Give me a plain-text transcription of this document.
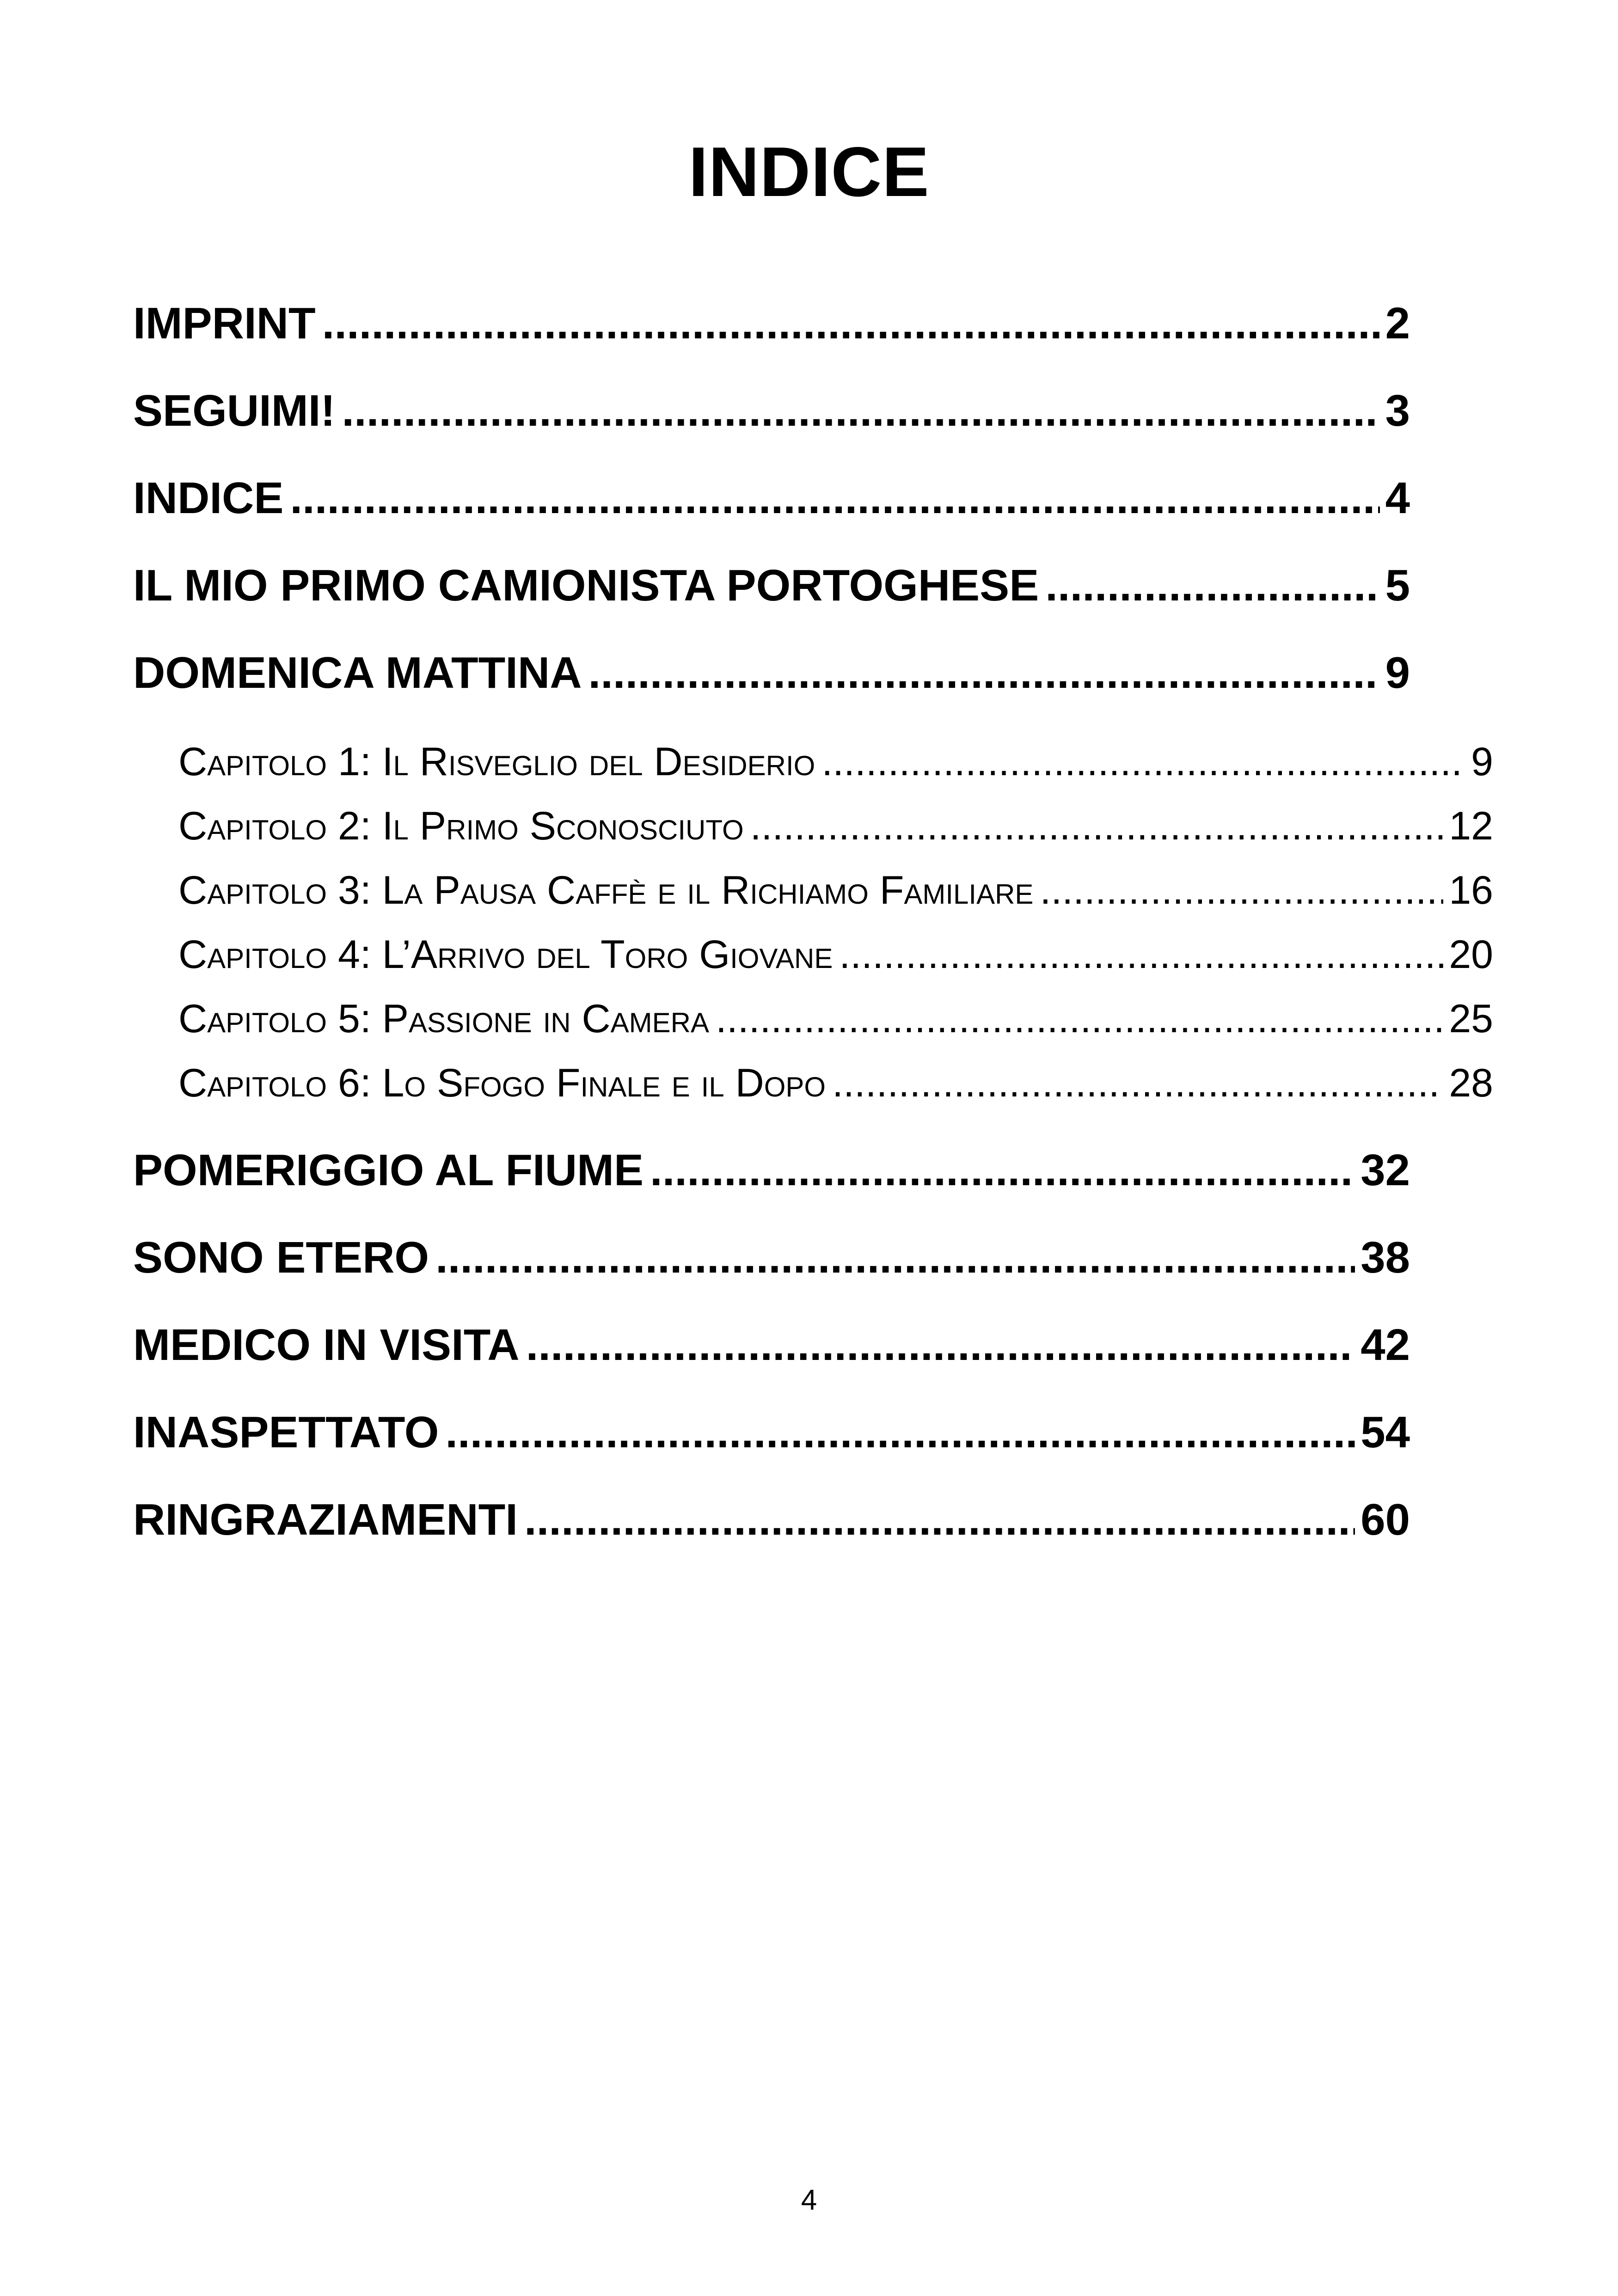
INDICE
IMPRINT .....	2
SEGUIMI! .....	3
INDICE .....	4
IL MIO PRIMO CAMIONISTA PORTOGHESE .....	5
DOMENICA MATTINA .....	9
Capitolo 1: Il Risveglio del Desiderio .....	9
Capitolo 2: Il Primo Sconosciuto .....	12
Capitolo 3: La Pausa Caffè e il Richiamo Familiare .....	16
Capitolo 4: L’Arrivo del Toro Giovane .....	20
Capitolo 5: Passione in Camera .....	25
Capitolo 6: Lo Sfogo Finale e il Dopo .....	28
POMERIGGIO AL FIUME .....	32
SONO ETERO .....	38
MEDICO IN VISITA .....	42
INASPETTATO .....	54
RINGRAZIAMENTI .....	60
4
